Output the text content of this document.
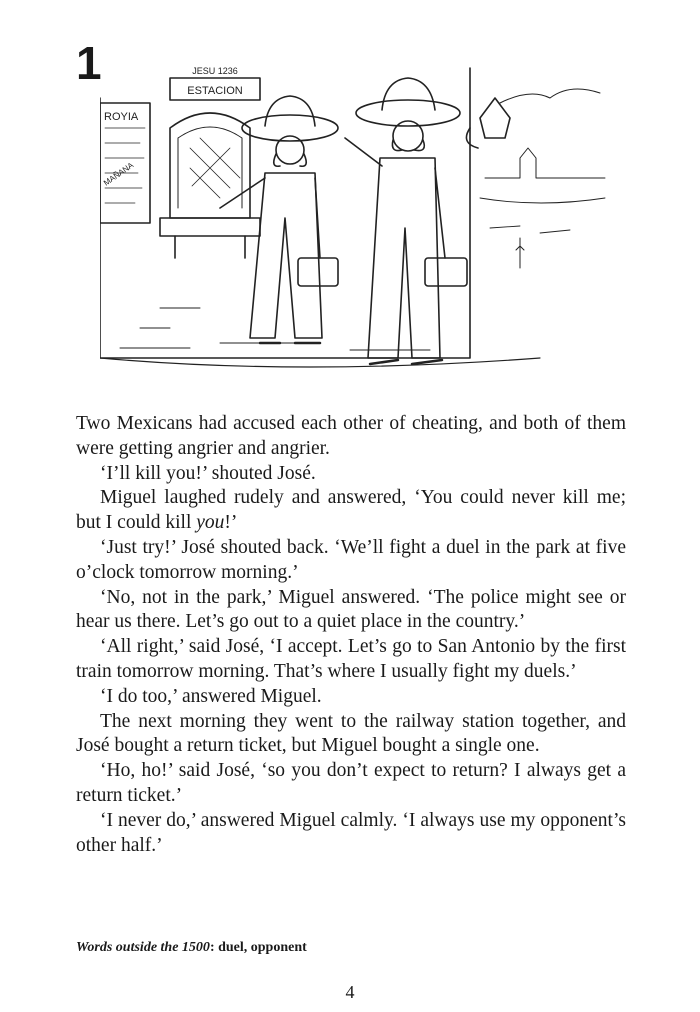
1	JESU 1236
ESTACION
ROYIA
MAÑANA

Two Mexicans had accused each other of cheating, and both of them were getting angrier and angrier.

‘I’ll kill you!’ shouted José.

Miguel laughed rudely and answered, ‘You could never kill me; but I could kill you!’

‘Just try!’ José shouted back. ‘We’ll fight a duel in the park at five o’clock tomorrow morning.’

‘No, not in the park,’ Miguel answered. ‘The police might see or hear us there. Let’s go out to a quiet place in the country.’

‘All right,’ said José, ‘I accept. Let’s go to San Antonio by the first train tomorrow morning. That’s where I usually fight my duels.’

‘I do too,’ answered Miguel.

The next morning they went to the railway station together, and José bought a return ticket, but Miguel bought a single one.

‘Ho, ho!’ said José, ‘so you don’t expect to return? I always get a return ticket.’

‘I never do,’ answered Miguel calmly. ‘I always use my opponent’s other half.’

Words outside the 1500: duel, opponent
4
